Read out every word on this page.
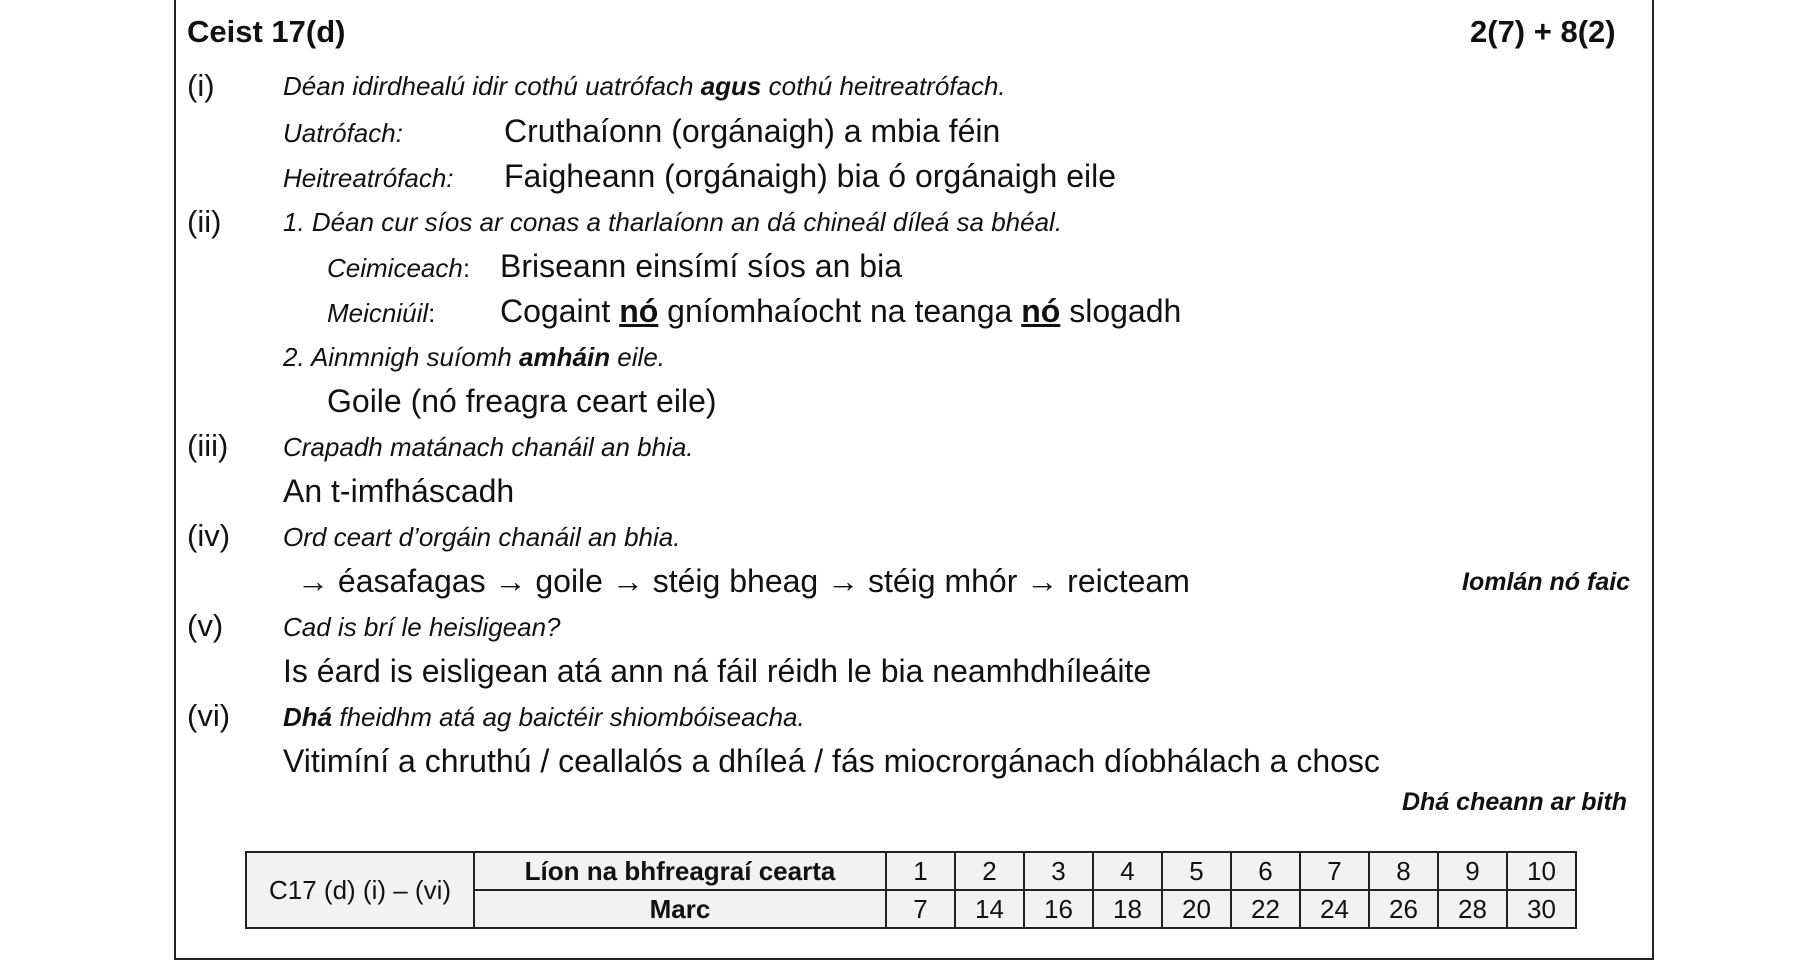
Ceist 17(d)	2(7) + 8(2)
(i)	Déan idirdhealú idir cothú uatrófach agus cothú heitreatrófach.
Uatrófach:	Cruthaíonn (orgánaigh) a mbia féin
Heitreatrófach: Faigheann (orgánaigh) bia ó orgánaigh eile
(ii) 1. Déan cur síos ar conas a tharlaíonn an dá chineál díleá sa bhéal.
Ceimiceach: Briseann einsímí síos an bia
Meicniúil: Cogaint nó gníomhaíocht na teanga nó slogadh
2. Ainmnigh suíomh amháin eile.
Goile (nó freagra ceart eile)
(iii) Crapadh matánach chanáil an bhia.
An t-imfháscadh
(iv) Ord ceart d’orgáin chanáil an bhia.
→ éasafagas → goile → stéig bheag → stéig mhór → reicteam	Iomlán nó faic
(v) Cad is brí le heisligean?
Is éard is eisligean atá ann ná fáil réidh le bia neamhdhíleáite
(vi) Dhá fheidhm atá ag baictéir shiombóiseacha.
Vitimíní a chruthú / ceallalós a dhíleá / fás miocrorgánach díobhálach a chosc
Dhá cheann ar bith
C17 (d) (i) – (vi)	Líon na bhfreagraí cearta	1	2	3	4	5	6	7	8	9	10
	Marc	7	14	16	18	20	22	24	26	28	30
